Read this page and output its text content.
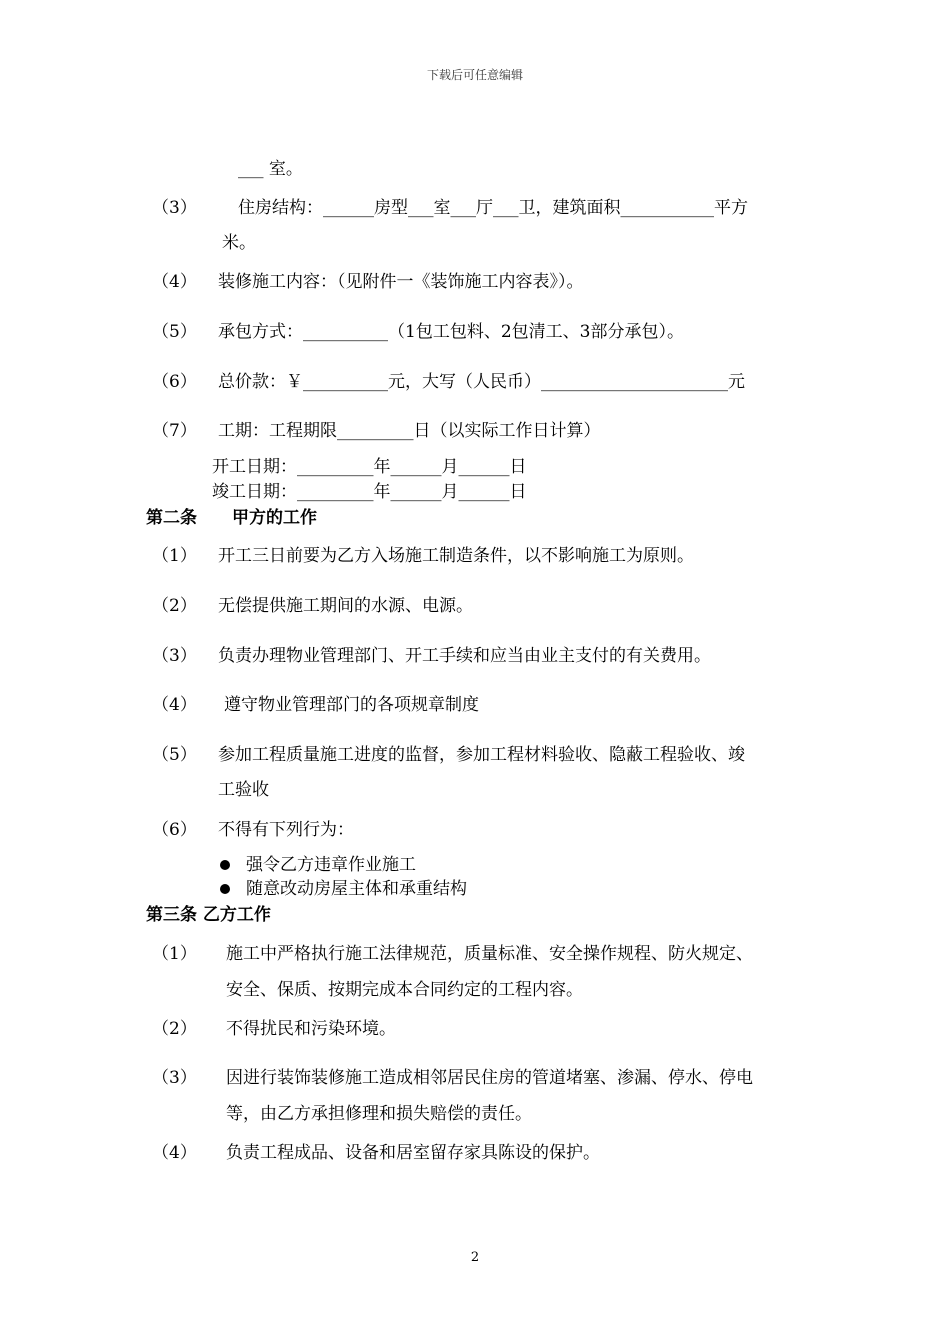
下载后可任意编辑
___ 室。
（3） 住房结构：______房型___室___厅___卫，建筑面积___________平方
米。
（4） 装修施工内容：（见附件一《装饰施工内容表》）。
（5） 承包方式：__________（1包工包料、2包清工、3部分承包）。
（6） 总价款：￥__________元，大写（人民币）______________________元
（7） 工期：工程期限_________日（以实际工作日计算）
开工日期：_________年______月______日
竣工日期：_________年______月______日
第二条 甲方的工作
（1） 开工三日前要为乙方入场施工制造条件，以不影响施工为原则。
（2） 无偿提供施工期间的水源、电源。
（3） 负责办理物业管理部门、开工手续和应当由业主支付的有关费用。
（4） 遵守物业管理部门的各项规章制度
（5） 参加工程质量施工进度的监督，参加工程材料验收、隐蔽工程验收、竣
工验收
（6） 不得有下列行为：
强令乙方违章作业施工
随意改动房屋主体和承重结构
第三条 乙方工作
（1） 施工中严格执行施工法律规范，质量标准、安全操作规程、防火规定、
安全、保质、按期完成本合同约定的工程内容。
（2） 不得扰民和污染环境。
（3） 因进行装饰装修施工造成相邻居民住房的管道堵塞、渗漏、停水、停电
等，由乙方承担修理和损失赔偿的责任。
（4） 负责工程成品、设备和居室留存家具陈设的保护。
2
